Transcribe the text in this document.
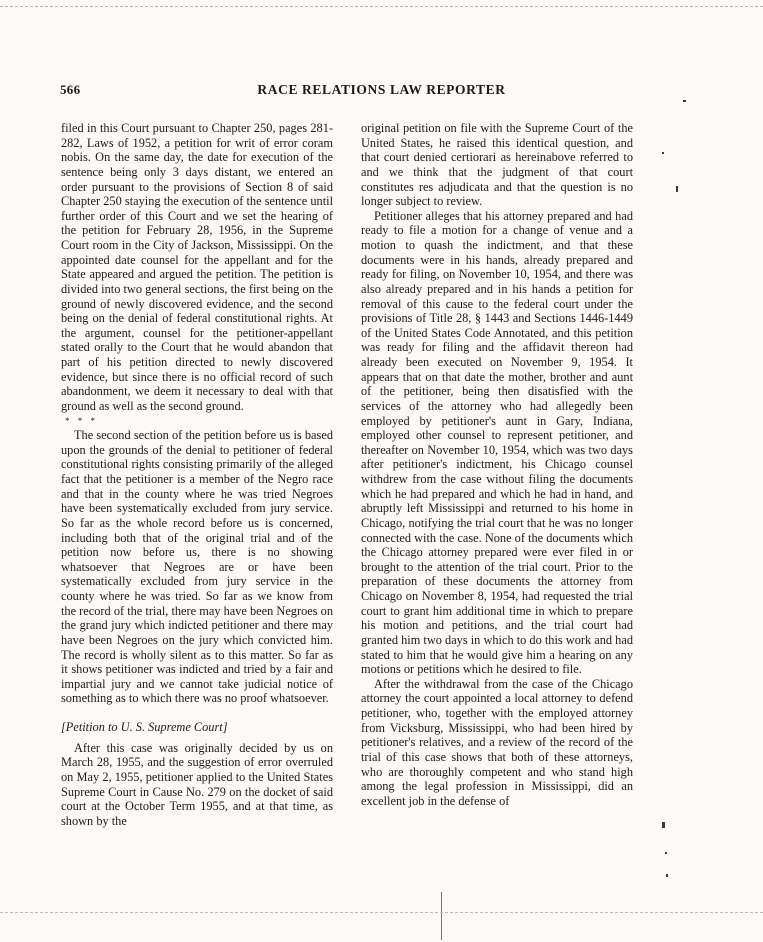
566	RACE RELATIONS LAW REPORTER

filed in this Court pursuant to Chapter 250, pages 281-282, Laws of 1952, a petition for writ of error coram nobis. On the same day, the date for execution of the sentence being only 3 days distant, we entered an order pursuant to the provisions of Section 8 of said Chapter 250 staying the execution of the sentence until further order of this Court and we set the hearing of the petition for February 28, 1956, in the Supreme Court room in the City of Jackson, Mississippi. On the appointed date counsel for the appellant and for the State appeared and argued the petition. The petition is divided into two general sections, the first being on the ground of newly discovered evidence, and the second being on the denial of federal constitutional rights. At the argument, counsel for the petitioner-appellant stated orally to the Court that he would abandon that part of his petition directed to newly discovered evidence, but since there is no official record of such abandonment, we deem it necessary to deal with that ground as well as the second ground.

* * *

The second section of the petition before us is based upon the grounds of the denial to petitioner of federal constitutional rights consisting primarily of the alleged fact that the petitioner is a member of the Negro race and that in the county where he was tried Negroes have been systematically excluded from jury service. So far as the whole record before us is concerned, including both that of the original trial and of the petition now before us, there is no showing whatsoever that Negroes are or have been systematically excluded from jury service in the county where he was tried. So far as we know from the record of the trial, there may have been Negroes on the grand jury which indicted petitioner and there may have been Negroes on the jury which convicted him. The record is wholly silent as to this matter. So far as it shows petitioner was indicted and tried by a fair and impartial jury and we cannot take judicial notice of something as to which there was no proof whatsoever.

[Petition to U. S. Supreme Court]

After this case was originally decided by us on March 28, 1955, and the suggestion of error overruled on May 2, 1955, petitioner applied to the United States Supreme Court in Cause No. 279 on the docket of said court at the October Term 1955, and at that time, as shown by the

original petition on file with the Supreme Court of the United States, he raised this identical question, and that court denied certiorari as hereinabove referred to and we think that the judgment of that court constitutes res adjudicata and that the question is no longer subject to review.

Petitioner alleges that his attorney prepared and had ready to file a motion for a change of venue and a motion to quash the indictment, and that these documents were in his hands, already prepared and ready for filing, on November 10, 1954, and there was also already prepared and in his hands a petition for removal of this cause to the federal court under the provisions of Title 28, § 1443 and Sections 1446-1449 of the United States Code Annotated, and this petition was ready for filing and the affidavit thereon had already been executed on November 9, 1954. It appears that on that date the mother, brother and aunt of the petitioner, being then disatisfied with the services of the attorney who had allegedly been employed by petitioner's aunt in Gary, Indiana, employed other counsel to represent petitioner, and thereafter on November 10, 1954, which was two days after petitioner's indictment, his Chicago counsel withdrew from the case without filing the documents which he had prepared and which he had in hand, and abruptly left Mississippi and returned to his home in Chicago, notifying the trial court that he was no longer connected with the case. None of the documents which the Chicago attorney prepared were ever filed in or brought to the attention of the trial court. Prior to the preparation of these documents the attorney from Chicago on November 8, 1954, had requested the trial court to grant him additional time in which to prepare his motion and petitions, and the trial court had granted him two days in which to do this work and had stated to him that he would give him a hearing on any motions or petitions which he desired to file.

After the withdrawal from the case of the Chicago attorney the court appointed a local attorney to defend petitioner, who, together with the employed attorney from Vicksburg, Mississippi, who had been hired by petitioner's relatives, and a review of the record of the trial of this case shows that both of these attorneys, who are thoroughly competent and who stand high among the legal profession in Mississippi, did an excellent job in the defense of
